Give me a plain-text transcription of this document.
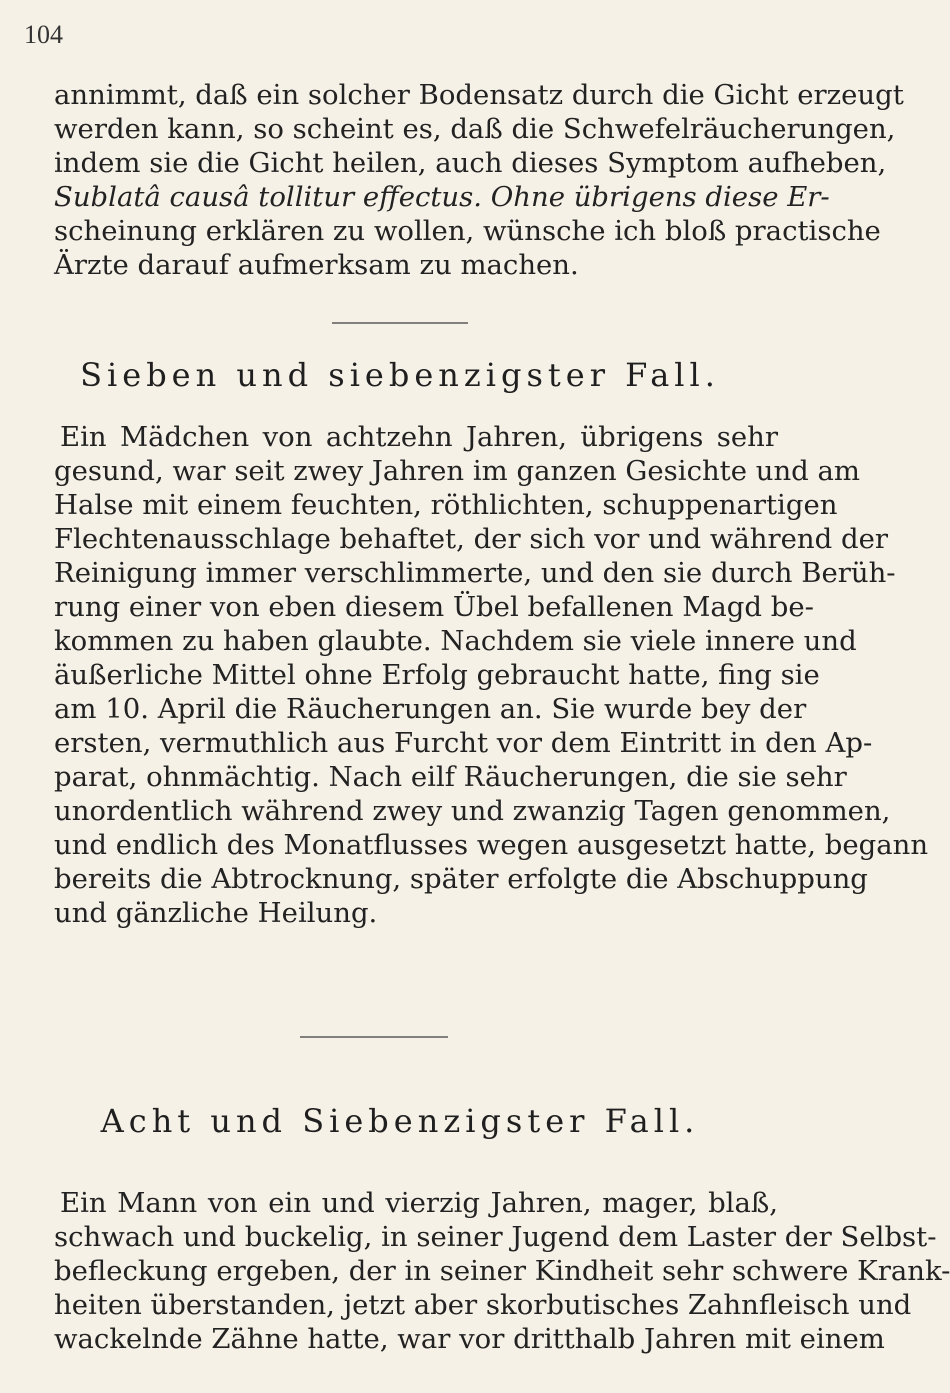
104
annimmt, daß ein solcher Bodensatz durch die Gicht erzeugt
werden kann, so scheint es, daß die Schwefelräucherungen,
indem sie die Gicht heilen, auch dieses Symptom aufheben,
Sublatâ causâ tollitur effectus. Ohne übrigens diese Er-
scheinung erklären zu wollen, wünsche ich bloß practische
Ärzte darauf aufmerksam zu machen.
Sieben und siebenzigster Fall.
Ein Mädchen von achtzehn Jahren, übrigens sehr
gesund, war seit zwey Jahren im ganzen Gesichte und am
Halse mit einem feuchten, röthlichten, schuppenartigen
Flechtenausschlage behaftet, der sich vor und während der
Reinigung immer verschlimmerte, und den sie durch Berüh-
rung einer von eben diesem Übel befallenen Magd be-
kommen zu haben glaubte. Nachdem sie viele innere und
äußerliche Mittel ohne Erfolg gebraucht hatte, fing sie
am 10. April die Räucherungen an. Sie wurde bey der
ersten, vermuthlich aus Furcht vor dem Eintritt in den Ap-
parat, ohnmächtig. Nach eilf Räucherungen, die sie sehr
unordentlich während zwey und zwanzig Tagen genommen,
und endlich des Monatflusses wegen ausgesetzt hatte, begann
bereits die Abtrocknung, später erfolgte die Abschuppung
und gänzliche Heilung.
Acht und Siebenzigster Fall.
Ein Mann von ein und vierzig Jahren, mager, blaß,
schwach und buckelig, in seiner Jugend dem Laster der Selbst-
befleckung ergeben, der in seiner Kindheit sehr schwere Krank-
heiten überstanden, jetzt aber skorbutisches Zahnfleisch und
wackelnde Zähne hatte, war vor dritthalb Jahren mit einem
